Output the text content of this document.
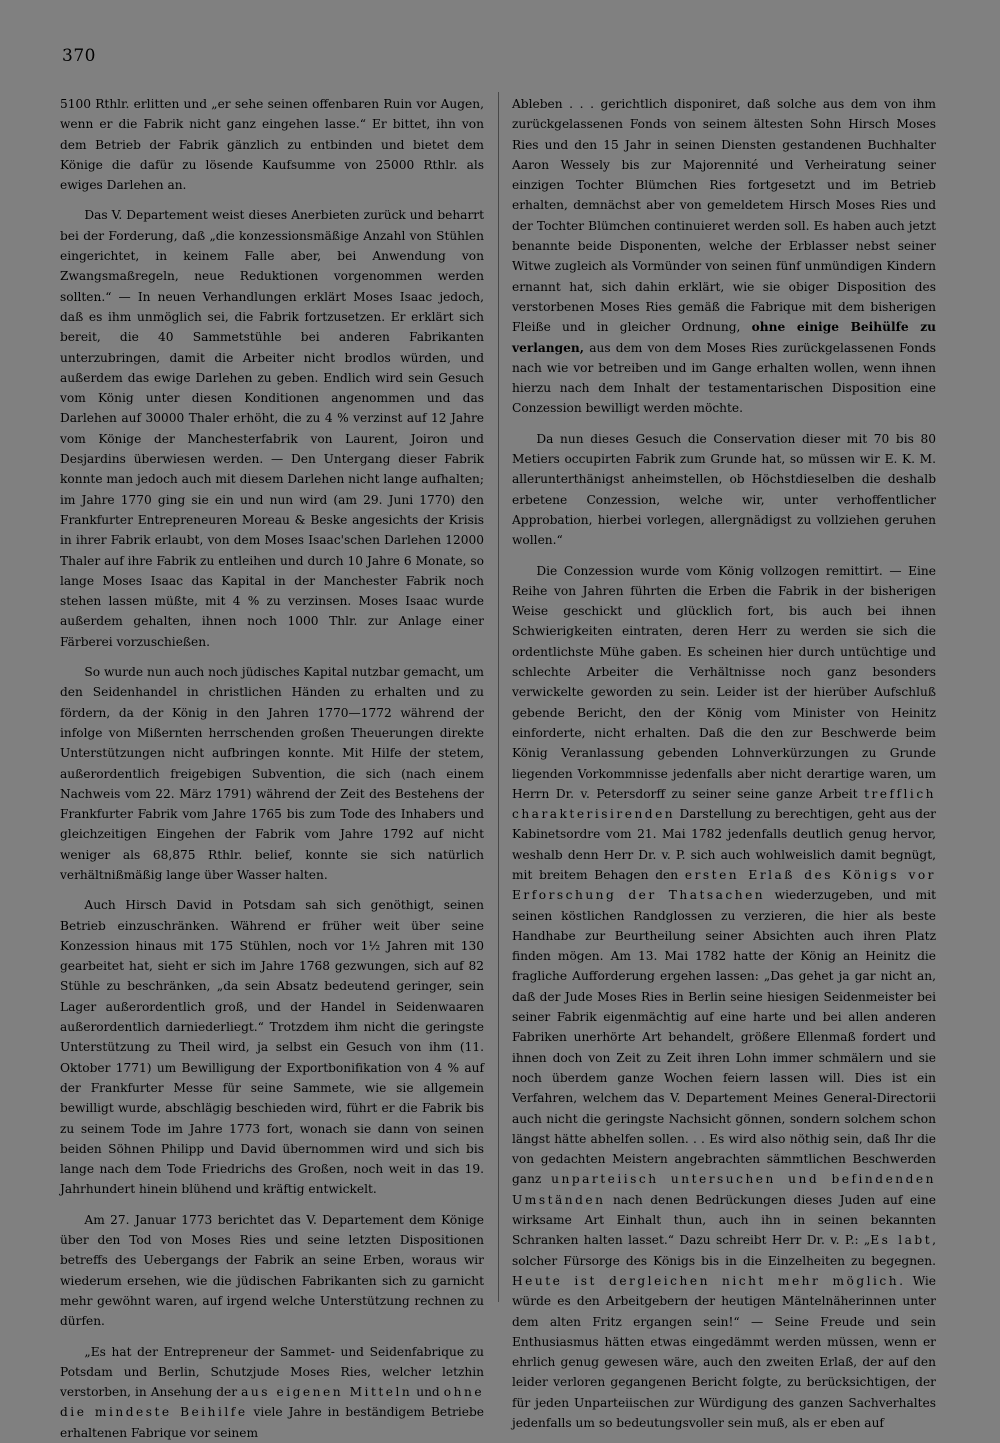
370

5100 Rthlr. erlitten und „er sehe seinen offenbaren Ruin vor Augen, wenn er die Fabrik nicht ganz eingehen lasse.“ Er bittet, ihn von dem Betrieb der Fabrik gänzlich zu entbinden und bietet dem Könige die dafür zu lösende Kaufsumme von 25000 Rthlr. als ewiges Darlehen an.

Das V. Departement weist dieses Anerbieten zurück und beharrt bei der Forderung, daß „die konzessionsmäßige Anzahl von Stühlen eingerichtet, in keinem Falle aber, bei Anwendung von Zwangsmaßregeln, neue Reduktionen vorgenommen werden sollten.“ — In neuen Verhandlungen erklärt Moses Isaac jedoch, daß es ihm unmöglich sei, die Fabrik fortzusetzen. Er erklärt sich bereit, die 40 Sammetstühle bei anderen Fabrikanten unterzubringen, damit die Arbeiter nicht brodlos würden, und außerdem das ewige Darlehen zu geben. Endlich wird sein Gesuch vom König unter diesen Konditionen angenommen und das Darlehen auf 30000 Thaler erhöht, die zu 4 % verzinst auf 12 Jahre vom Könige der Manchesterfabrik von Laurent, Joiron und Desjardins überwiesen werden. — Den Untergang dieser Fabrik konnte man jedoch auch mit diesem Darlehen nicht lange aufhalten; im Jahre 1770 ging sie ein und nun wird (am 29. Juni 1770) den Frankfurter Entrepreneuren Moreau & Beske angesichts der Krisis in ihrer Fabrik erlaubt, von dem Moses Isaac'schen Darlehen 12000 Thaler auf ihre Fabrik zu entleihen und durch 10 Jahre 6 Monate, so lange Moses Isaac das Kapital in der Manchester Fabrik noch stehen lassen müßte, mit 4 % zu verzinsen. Moses Isaac wurde außerdem gehalten, ihnen noch 1000 Thlr. zur Anlage einer Färberei vorzuschießen.

So wurde nun auch noch jüdisches Kapital nutzbar gemacht, um den Seidenhandel in christlichen Händen zu erhalten und zu fördern, da der König in den Jahren 1770—1772 während der infolge von Mißernten herrschenden großen Theuerungen direkte Unterstützungen nicht aufbringen konnte. Mit Hilfe der stetem, außerordentlich freigebigen Subvention, die sich (nach einem Nachweis vom 22. März 1791) während der Zeit des Bestehens der Frankfurter Fabrik vom Jahre 1765 bis zum Tode des Inhabers und gleichzeitigen Eingehen der Fabrik vom Jahre 1792 auf nicht weniger als 68,875 Rthlr. belief, konnte sie sich natürlich verhältnißmäßig lange über Wasser halten.

Auch Hirsch David in Potsdam sah sich genöthigt, seinen Betrieb einzuschränken. Während er früher weit über seine Konzession hinaus mit 175 Stühlen, noch vor 1½ Jahren mit 130 gearbeitet hat, sieht er sich im Jahre 1768 gezwungen, sich auf 82 Stühle zu beschränken, „da sein Absatz bedeutend geringer, sein Lager außerordentlich groß, und der Handel in Seidenwaaren außerordentlich darniederliegt.“ Trotzdem ihm nicht die geringste Unterstützung zu Theil wird, ja selbst ein Gesuch von ihm (11. Oktober 1771) um Bewilligung der Exportbonifikation von 4 % auf der Frankfurter Messe für seine Sammete, wie sie allgemein bewilligt wurde, abschlägig beschieden wird, führt er die Fabrik bis zu seinem Tode im Jahre 1773 fort, wonach sie dann von seinen beiden Söhnen Philipp und David übernommen wird und sich bis lange nach dem Tode Friedrichs des Großen, noch weit in das 19. Jahrhundert hinein blühend und kräftig entwickelt.

Am 27. Januar 1773 berichtet das V. Departement dem Könige über den Tod von Moses Ries und seine letzten Dispositionen betreffs des Uebergangs der Fabrik an seine Erben, woraus wir wiederum ersehen, wie die jüdischen Fabrikanten sich zu garnicht mehr gewöhnt waren, auf irgend welche Unterstützung rechnen zu dürfen.

„Es hat der Entrepreneur der Sammet- und Seidenfabrique zu Potsdam und Berlin, Schutzjude Moses Ries, welcher letzhin verstorben, in Ansehung der aus eigenen Mitteln und ohne die mindeste Beihilfe viele Jahre in beständigem Betriebe erhaltenen Fabrique vor seinem

Ableben . . . gerichtlich disponiret, daß solche aus dem von ihm zurückgelassenen Fonds von seinem ältesten Sohn Hirsch Moses Ries und den 15 Jahr in seinen Diensten gestandenen Buchhalter Aaron Wessely bis zur Majorennité und Verheiratung seiner einzigen Tochter Blümchen Ries fortgesetzt und im Betrieb erhalten, demnächst aber von gemeldetem Hirsch Moses Ries und der Tochter Blümchen continuieret werden soll. Es haben auch jetzt benannte beide Disponenten, welche der Erblasser nebst seiner Witwe zugleich als Vormünder von seinen fünf unmündigen Kindern ernannt hat, sich dahin erklärt, wie sie obiger Disposition des verstorbenen Moses Ries gemäß die Fabrique mit dem bisherigen Fleiße und in gleicher Ordnung, ohne einige Beihülfe zu verlangen, aus dem von dem Moses Ries zurückgelassenen Fonds nach wie vor betreiben und im Gange erhalten wollen, wenn ihnen hierzu nach dem Inhalt der testamentarischen Disposition eine Conzession bewilligt werden möchte.

Da nun dieses Gesuch die Conservation dieser mit 70 bis 80 Metiers occupirten Fabrik zum Grunde hat, so müssen wir E. K. M. allerunterthänigst anheimstellen, ob Höchstdieselben die deshalb erbetene Conzession, welche wir, unter verhoffentlicher Approbation, hierbei vorlegen, allergnädigst zu vollziehen geruhen wollen.“

Die Conzession wurde vom König vollzogen remittirt. — Eine Reihe von Jahren führten die Erben die Fabrik in der bisherigen Weise geschickt und glücklich fort, bis auch bei ihnen Schwierigkeiten eintraten, deren Herr zu werden sie sich die ordentlichste Mühe gaben. Es scheinen hier durch untüchtige und schlechte Arbeiter die Verhältnisse noch ganz besonders verwickelte geworden zu sein. Leider ist der hierüber Aufschluß gebende Bericht, den der König vom Minister von Heinitz einforderte, nicht erhalten. Daß die den zur Beschwerde beim König Veranlassung gebenden Lohnverkürzungen zu Grunde liegenden Vorkommnisse jedenfalls aber nicht derartige waren, um Herrn Dr. v. Petersdorff zu seiner seine ganze Arbeit trefflich charakterisirenden Darstellung zu berechtigen, geht aus der Kabinetsordre vom 21. Mai 1782 jedenfalls deutlich genug hervor, weshalb denn Herr Dr. v. P. sich auch wohlweislich damit begnügt, mit breitem Behagen den ersten Erlaß des Königs vor Erforschung der Thatsachen wiederzugeben, und mit seinen köstlichen Randglossen zu verzieren, die hier als beste Handhabe zur Beurtheilung seiner Absichten auch ihren Platz finden mögen. Am 13. Mai 1782 hatte der König an Heinitz die fragliche Aufforderung ergehen lassen: „Das gehet ja gar nicht an, daß der Jude Moses Ries in Berlin seine hiesigen Seidenmeister bei seiner Fabrik eigenmächtig auf eine harte und bei allen anderen Fabriken unerhörte Art behandelt, größere Ellenmaß fordert und ihnen doch von Zeit zu Zeit ihren Lohn immer schmälern und sie noch überdem ganze Wochen feiern lassen will. Dies ist ein Verfahren, welchem das V. Departement Meines General-Directorii auch nicht die geringste Nachsicht gönnen, sondern solchem schon längst hätte abhelfen sollen. . . Es wird also nöthig sein, daß Ihr die von gedachten Meistern angebrachten sämmtlichen Beschwerden ganz unparteiisch untersuchen und befindenden Umständen nach denen Bedrückungen dieses Juden auf eine wirksame Art Einhalt thun, auch ihn in seinen bekannten Schranken halten lasset.“ Dazu schreibt Herr Dr. v. P.: „Es labt, solcher Fürsorge des Königs bis in die Einzelheiten zu begegnen. Heute ist dergleichen nicht mehr möglich. Wie würde es den Arbeitgebern der heutigen Mäntelnäherinnen unter dem alten Fritz ergangen sein!“ — Seine Freude und sein Enthusiasmus hätten etwas eingedämmt werden müssen, wenn er ehrlich genug gewesen wäre, auch den zweiten Erlaß, der auf den leider verloren gegangenen Bericht folgte, zu berücksichtigen, der für jeden Unparteiischen zur Würdigung des ganzen Sachverhaltes jedenfalls um so bedeutungsvoller sein muß, als er eben auf
